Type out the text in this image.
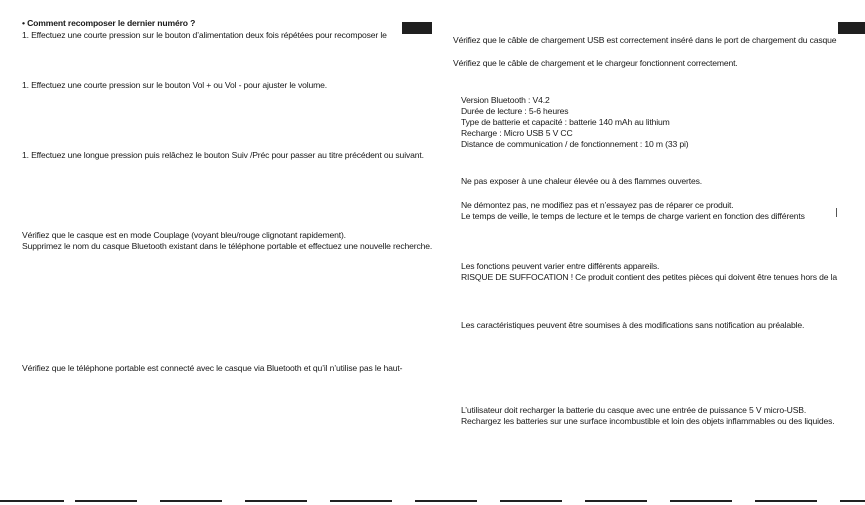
• Comment recomposer le dernier numéro ?

1. Effectuez une courte pression sur le bouton d’alimentation deux fois répétées pour recomposer le

1. Effectuez une courte pression sur le bouton Vol + ou Vol - pour ajuster le volume.

1. Effectuez une longue pression puis relâchez le bouton Suiv /Préc pour passer au titre précédent ou suivant.

Vérifiez que le casque est en mode Couplage (voyant bleu/rouge clignotant rapidement).

Supprimez le nom du casque Bluetooth existant dans le téléphone portable et effectuez une nouvelle recherche.

Vérifiez que le téléphone portable est connecté avec le casque via Bluetooth et qu’il n’utilise pas le haut-

Vérifiez que le câble de chargement USB est correctement inséré dans le port de chargement du casque

Vérifiez que le câble de chargement et le chargeur fonctionnent correctement.

Version Bluetooth : V4.2

Durée de lecture : 5-6 heures

Type de batterie et capacité : batterie 140 mAh au lithium

Recharge : Micro USB 5 V CC

Distance de communication / de fonctionnement : 10 m (33 pi)

Ne pas exposer à une chaleur élevée ou à des flammes ouvertes.

Ne démontez pas, ne modifiez pas et n’essayez pas de réparer ce produit.

Le temps de veille, le temps de lecture et le temps de charge varient en fonction des différents

Les fonctions peuvent varier entre différents appareils.

RISQUE DE SUFFOCATION ! Ce produit contient des petites pièces qui doivent être tenues hors de la

Les caractéristiques peuvent être soumises à des modifications sans notification au préalable.

L’utilisateur doit recharger la batterie du casque avec une entrée de puissance 5 V micro-USB.

Rechargez les batteries sur une surface incombustible et loin des objets inflammables ou des liquides.
